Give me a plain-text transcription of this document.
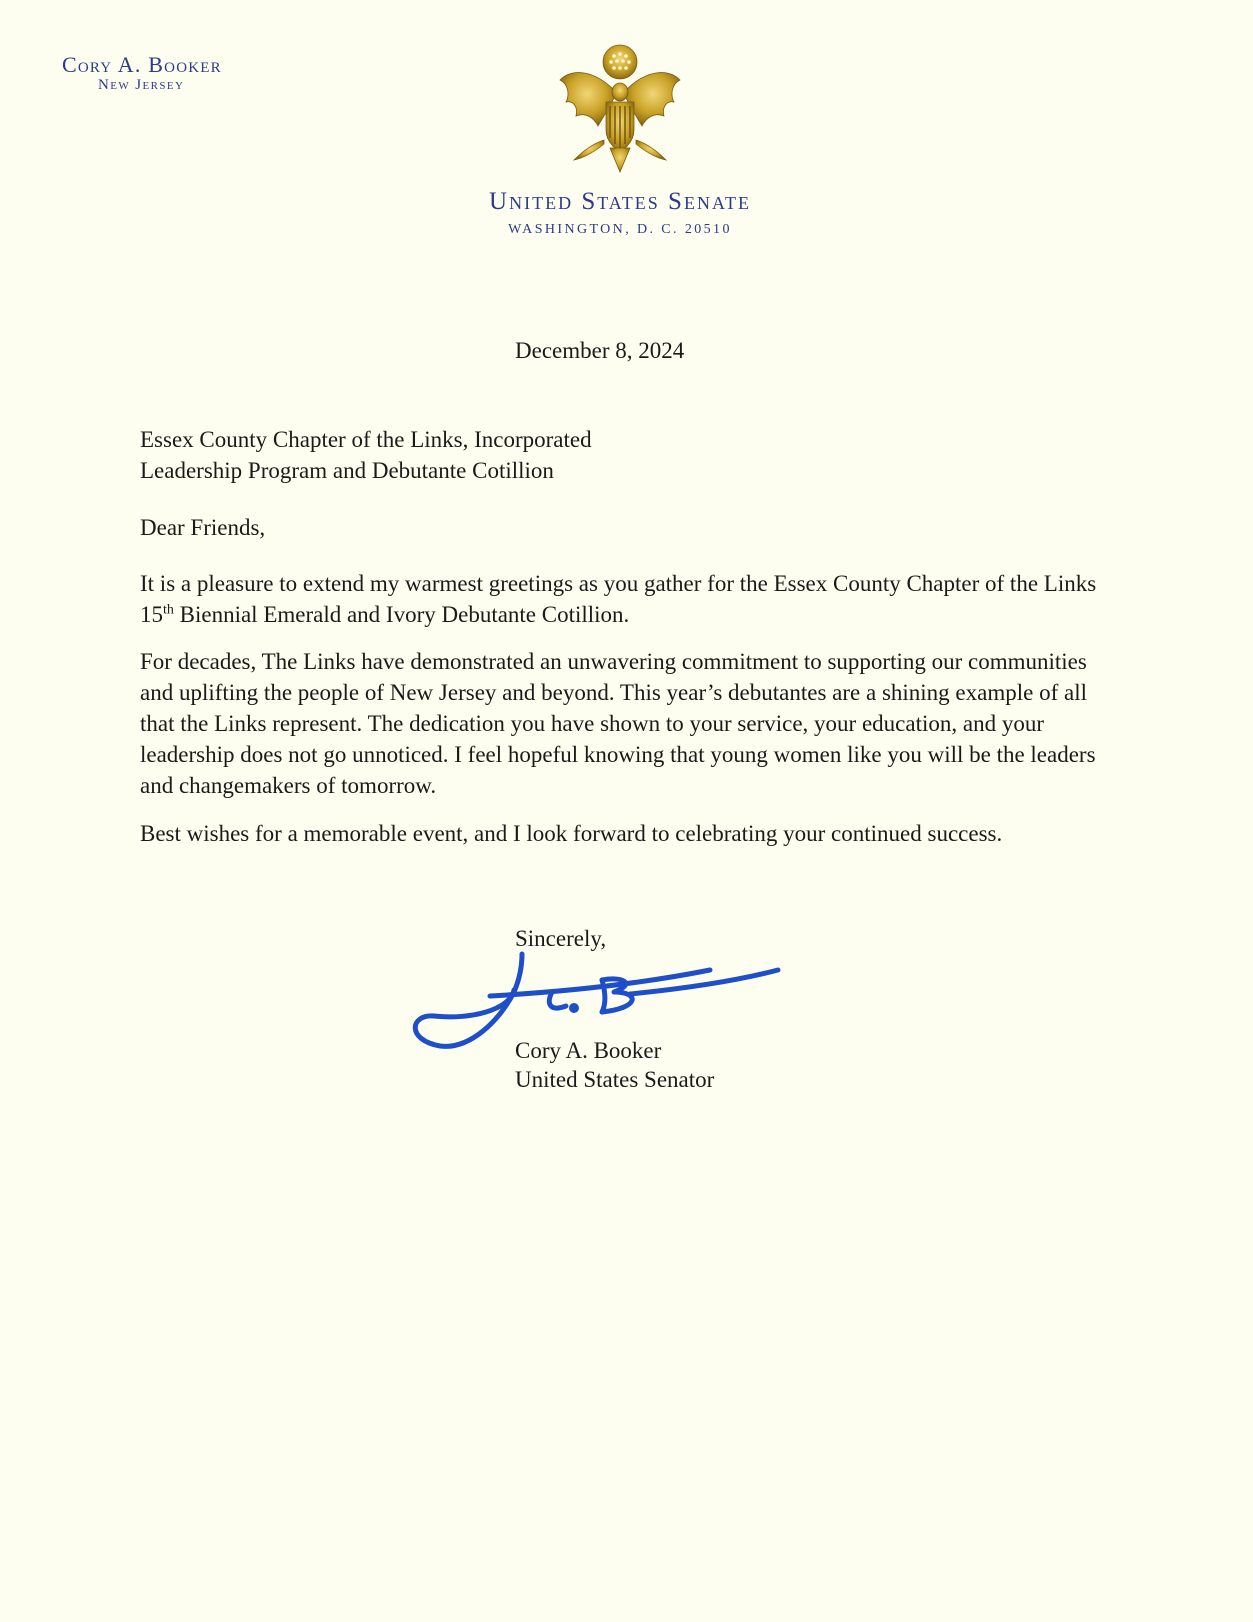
Cory A. Booker
New Jersey
United States Senate
WASHINGTON, D. C. 20510
December 8, 2024
Essex County Chapter of the Links, Incorporated
Leadership Program and Debutante Cotillion
Dear Friends,
It is a pleasure to extend my warmest greetings as you gather for the Essex County Chapter of the Links 15th Biennial Emerald and Ivory Debutante Cotillion.
For decades, The Links have demonstrated an unwavering commitment to supporting our communities and uplifting the people of New Jersey and beyond. This year’s debutantes are a shining example of all that the Links represent. The dedication you have shown to your service, your education, and your leadership does not go unnoticed. I feel hopeful knowing that young women like you will be the leaders and changemakers of tomorrow.
Best wishes for a memorable event, and I look forward to celebrating your continued success.
Sincerely,
Cory A. Booker
United States Senator
